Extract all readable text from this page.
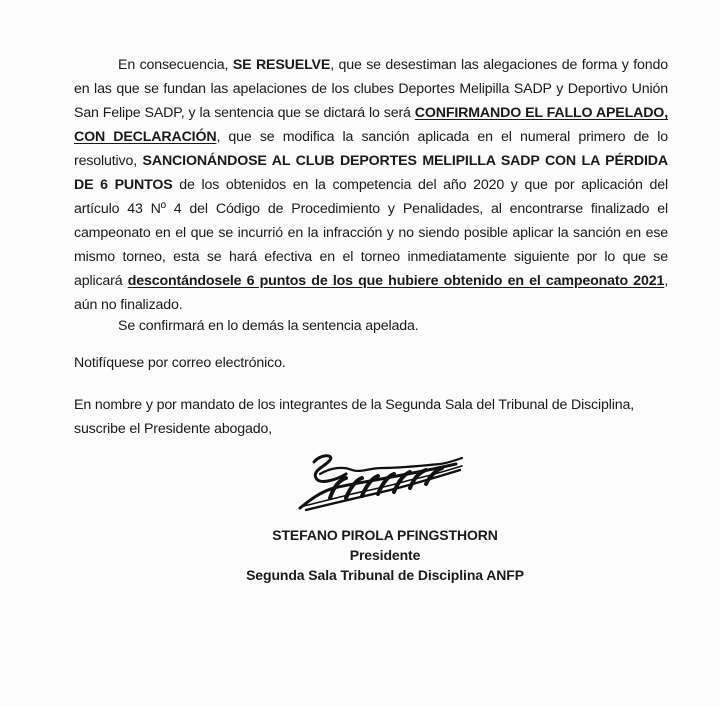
En consecuencia, SE RESUELVE, que se desestiman las alegaciones de forma y fondo en las que se fundan las apelaciones de los clubes Deportes Melipilla SADP y Deportivo Unión San Felipe SADP, y la sentencia que se dictará lo será CONFIRMANDO EL FALLO APELADO, CON DECLARACIÓN, que se modifica la sanción aplicada en el numeral primero de lo resolutivo, SANCIONÁNDOSE AL CLUB DEPORTES MELIPILLA SADP CON LA PÉRDIDA DE 6 PUNTOS de los obtenidos en la competencia del año 2020 y que por aplicación del artículo 43 Nº 4 del Código de Procedimiento y Penalidades, al encontrarse finalizado el campeonato en el que se incurrió en la infracción y no siendo posible aplicar la sanción en ese mismo torneo, esta se hará efectiva en el torneo inmediatamente siguiente por lo que se aplicará descontándosele 6 puntos de los que hubiere obtenido en el campeonato 2021, aún no finalizado.
Se confirmará en lo demás la sentencia apelada.
Notifíquese por correo electrónico.
En nombre y por mandato de los integrantes de la Segunda Sala del Tribunal de Disciplina, suscribe el Presidente abogado,
STEFANO PIROLA PFINGSTHORN
Presidente
Segunda Sala Tribunal de Disciplina ANFP
